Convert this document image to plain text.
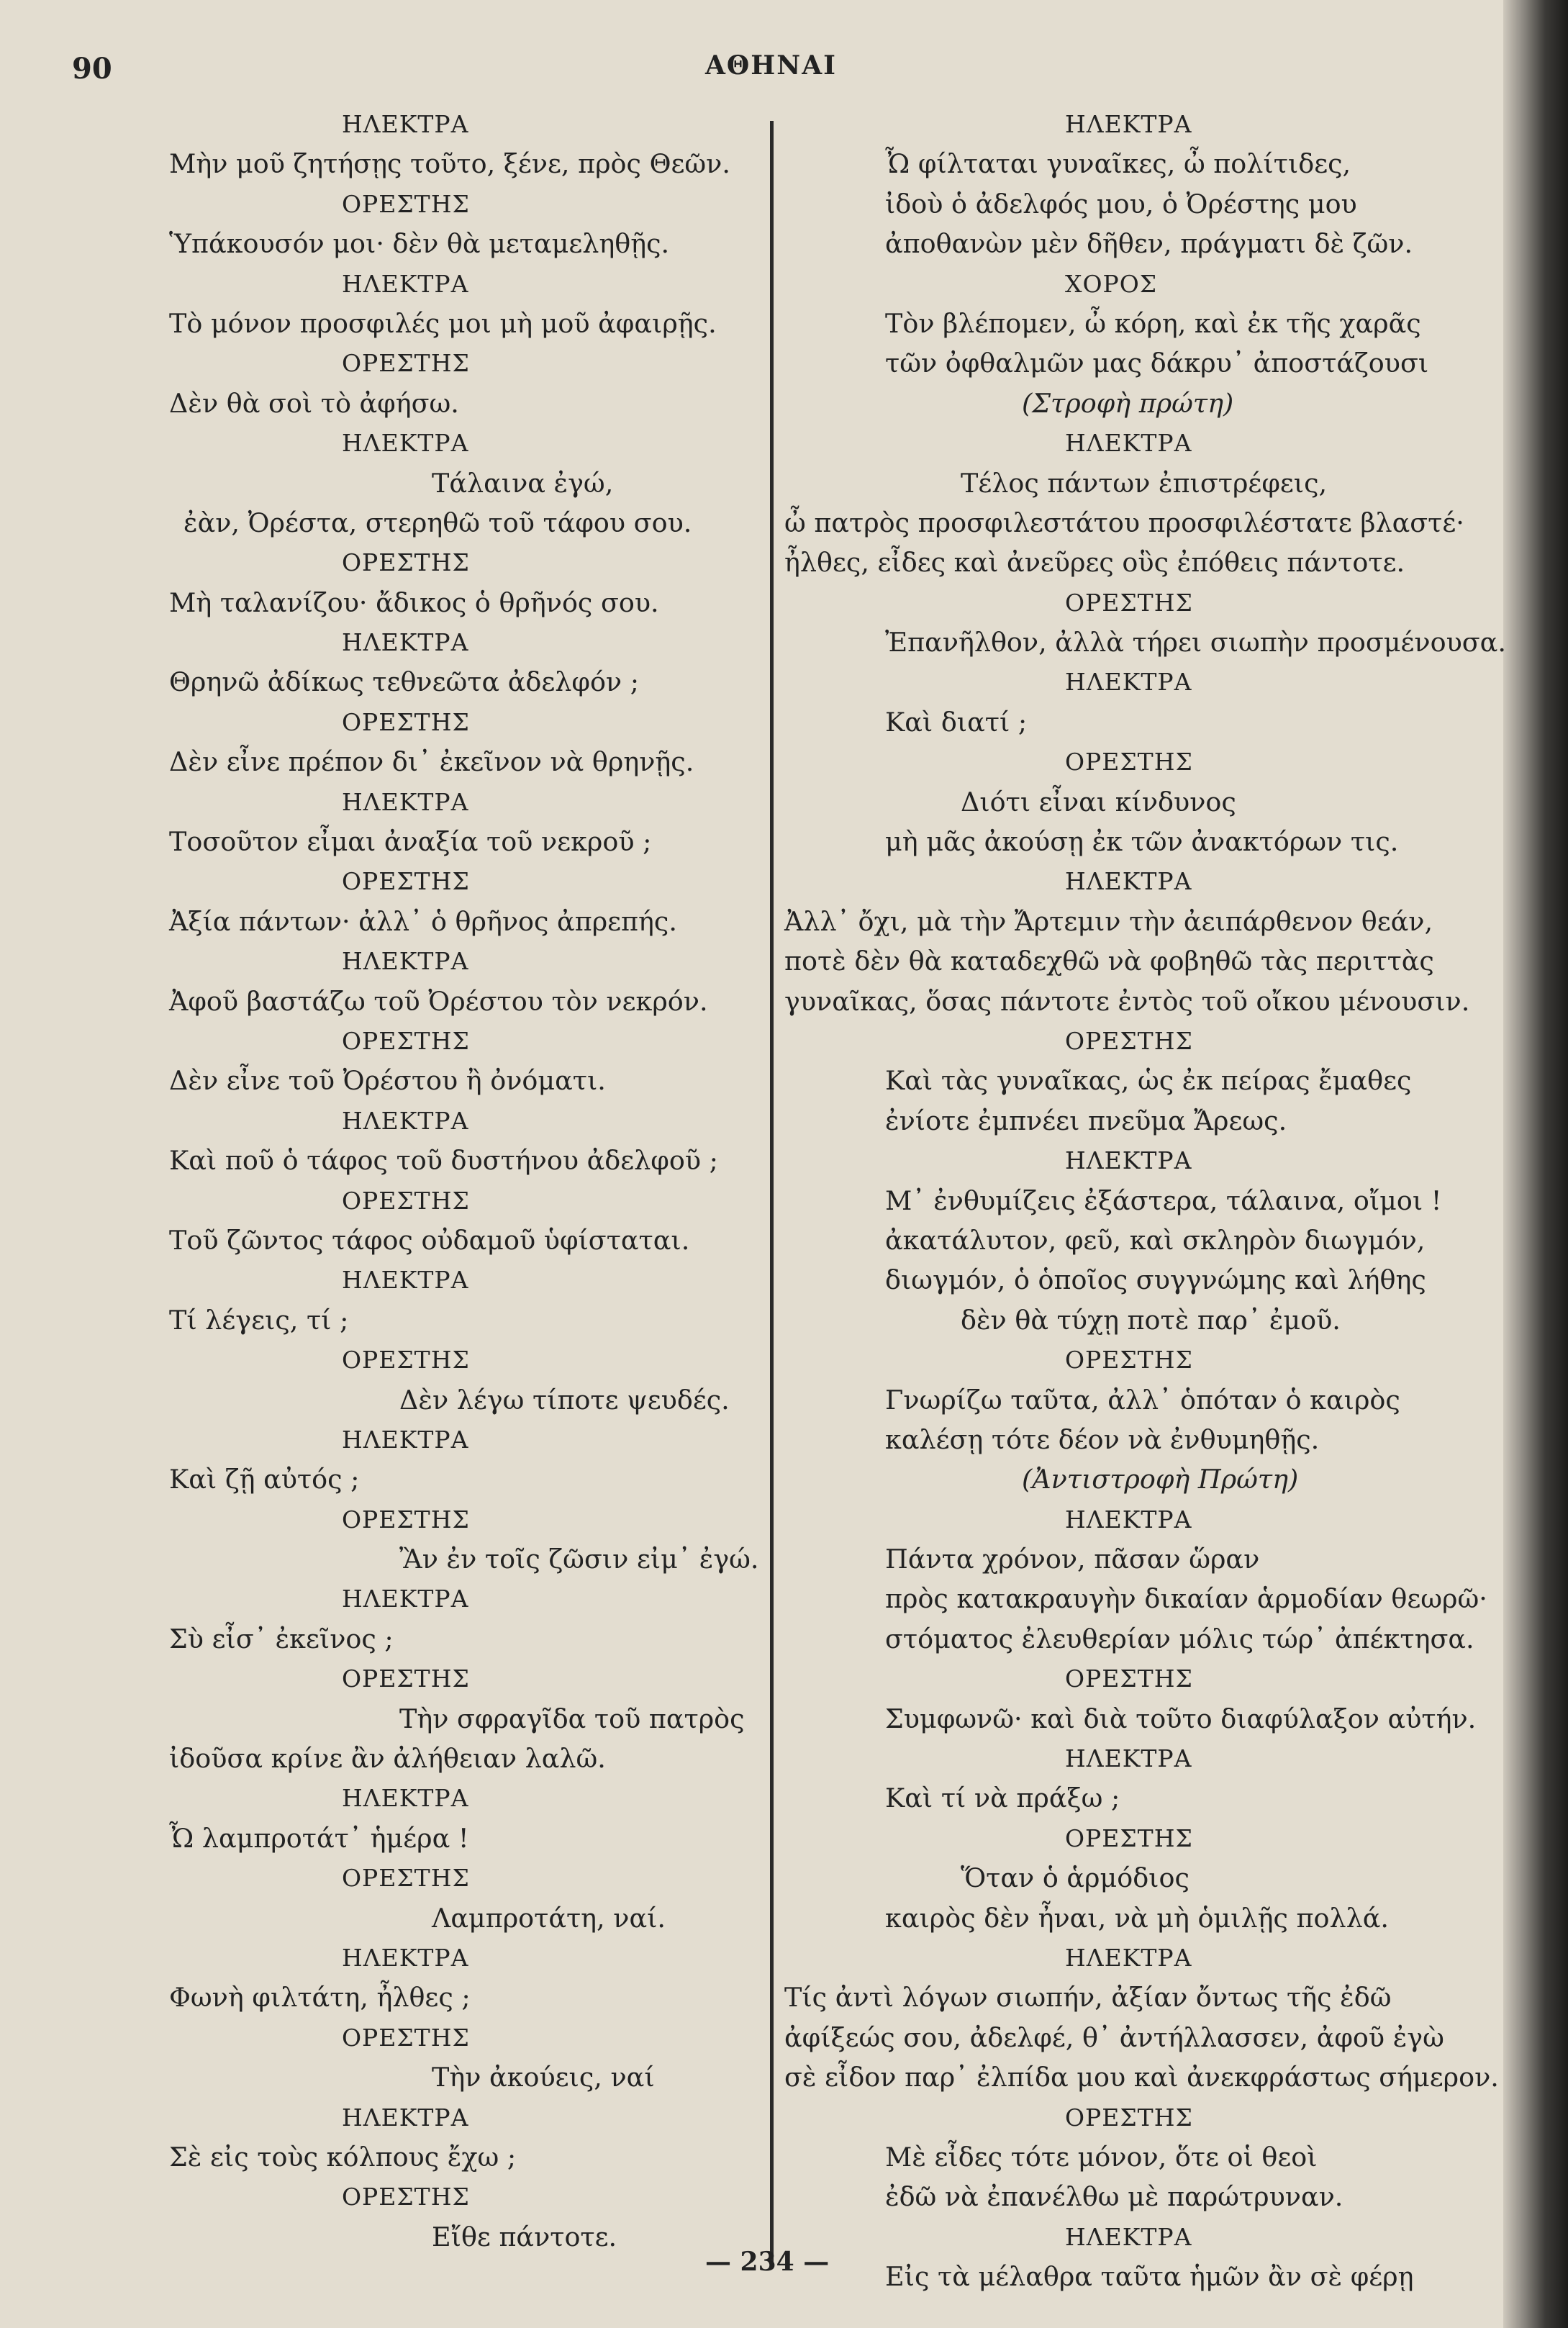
90	ΑΘΗΝΑΙ
ΗΛΕΚΤΡΑ
Μὴν μοῦ ζητήσῃς τοῦτο, ξένε, πρὸς Θεῶν.
ΟΡΕΣΤΗΣ
Ὑπάκουσόν μοι· δὲν θὰ μεταμεληθῇς.
ΗΛΕΚΤΡΑ
Τὸ μόνον προσφιλές μοι μὴ μοῦ ἀφαιρῇς.
ΟΡΕΣΤΗΣ
Δὲν θὰ σοὶ τὸ ἀφήσω.
ΗΛΕΚΤΡΑ
Τάλαινα ἐγώ,
ἐὰν, Ὀρέστα, στερηθῶ τοῦ τάφου σου.
ΟΡΕΣΤΗΣ
Μὴ ταλανίζου· ἄδικος ὁ θρῆνός σου.
ΗΛΕΚΤΡΑ
Θρηνῶ ἀδίκως τεθνεῶτα ἀδελφόν ;
ΟΡΕΣΤΗΣ
Δὲν εἶνε πρέπον δι᾽ ἐκεῖνον νὰ θρηνῇς.
ΗΛΕΚΤΡΑ
Τοσοῦτον εἶμαι ἀναξία τοῦ νεκροῦ ;
ΟΡΕΣΤΗΣ
Ἀξία πάντων· ἀλλ᾽ ὁ θρῆνος ἀπρεπής.
ΗΛΕΚΤΡΑ
Ἀφοῦ βαστάζω τοῦ Ὀρέστου τὸν νεκρόν.
ΟΡΕΣΤΗΣ
Δὲν εἶνε τοῦ Ὀρέστου ἢ ὀνόματι.
ΗΛΕΚΤΡΑ
Καὶ ποῦ ὁ τάφος τοῦ δυστήνου ἀδελφοῦ ;
ΟΡΕΣΤΗΣ
Τοῦ ζῶντος τάφος οὐδαμοῦ ὑφίσταται.
ΗΛΕΚΤΡΑ
Τί λέγεις, τί ;
ΟΡΕΣΤΗΣ
Δὲν λέγω τίποτε ψευδές.
ΗΛΕΚΤΡΑ
Καὶ ζῇ αὐτός ;
ΟΡΕΣΤΗΣ
Ἂν ἐν τοῖς ζῶσιν εἰμ᾽ ἐγώ.
ΗΛΕΚΤΡΑ
Σὺ εἶσ᾽ ἐκεῖνος ;
ΟΡΕΣΤΗΣ
Τὴν σφραγῖδα τοῦ πατρὸς
ἰδοῦσα κρίνε ἂν ἀλήθειαν λαλῶ.
ΗΛΕΚΤΡΑ
Ὦ λαμπροτάτ᾽ ἡμέρα !
ΟΡΕΣΤΗΣ
Λαμπροτάτη, ναί.
ΗΛΕΚΤΡΑ
Φωνὴ φιλτάτη, ἦλθες ;
ΟΡΕΣΤΗΣ
Τὴν ἀκούεις, ναί
ΗΛΕΚΤΡΑ
Σὲ εἰς τοὺς κόλπους ἔχω ;
ΟΡΕΣΤΗΣ
Εἴθε πάντοτε.
ΗΛΕΚΤΡΑ
Ὦ φίλταται γυναῖκες, ὦ πολίτιδες,
ἰδοὺ ὁ ἀδελφός μου, ὁ Ὀρέστης μου
ἀποθανὼν μὲν δῆθεν, πράγματι δὲ ζῶν.
ΧΟΡΟΣ
Τὸν βλέπομεν, ὦ κόρη, καὶ ἐκ τῆς χαρᾶς
τῶν ὀφθαλμῶν μας δάκρυ᾽ ἀποστάζουσι
(Στροφὴ πρώτη)
ΗΛΕΚΤΡΑ
Τέλος πάντων ἐπιστρέφεις,
ὦ πατρὸς προσφιλεστάτου προσφιλέστατε βλαστέ·
ἦλθες, εἶδες καὶ ἀνεῦρες οὓς ἐπόθεις πάντοτε.
ΟΡΕΣΤΗΣ
Ἐπανῆλθον, ἀλλὰ τήρει σιωπὴν προσμένουσα.
ΗΛΕΚΤΡΑ
Καὶ διατί ;
ΟΡΕΣΤΗΣ
Διότι εἶναι κίνδυνος
μὴ μᾶς ἀκούσῃ ἐκ τῶν ἀνακτόρων τις.
ΗΛΕΚΤΡΑ
Ἀλλ᾽ ὄχι, μὰ τὴν Ἄρτεμιν τὴν ἀειπάρθενον θεάν,
ποτὲ δὲν θὰ καταδεχθῶ νὰ φοβηθῶ τὰς περιττὰς
γυναῖκας, ὅσας πάντοτε ἐντὸς τοῦ οἴκου μένουσιν.
ΟΡΕΣΤΗΣ
Καὶ τὰς γυναῖκας, ὡς ἐκ πείρας ἔμαθες
ἐνίοτε ἐμπνέει πνεῦμα Ἄρεως.
ΗΛΕΚΤΡΑ
Μ᾽ ἐνθυμίζεις ἐξάστερα, τάλαινα, οἴμοι !
ἀκατάλυτον, φεῦ, καὶ σκληρὸν διωγμόν,
διωγμόν, ὁ ὁποῖος συγγνώμης καὶ λήθης
δὲν θὰ τύχῃ ποτὲ παρ᾽ ἐμοῦ.
ΟΡΕΣΤΗΣ
Γνωρίζω ταῦτα, ἀλλ᾽ ὁπόταν ὁ καιρὸς
καλέσῃ τότε δέον νὰ ἐνθυμηθῇς.
(Ἀντιστροφὴ Πρώτη)
ΗΛΕΚΤΡΑ
Πάντα χρόνον, πᾶσαν ὥραν
πρὸς κατακραυγὴν δικαίαν ἁρμοδίαν θεωρῶ·
στόματος ἐλευθερίαν μόλις τώρ᾽ ἀπέκτησα.
ΟΡΕΣΤΗΣ
Συμφωνῶ· καὶ διὰ τοῦτο διαφύλαξον αὐτήν.
ΗΛΕΚΤΡΑ
Καὶ τί νὰ πράξω ;
ΟΡΕΣΤΗΣ
Ὅταν ὁ ἁρμόδιος
καιρὸς δὲν ἦναι, νὰ μὴ ὁμιλῇς πολλά.
ΗΛΕΚΤΡΑ
Τίς ἀντὶ λόγων σιωπήν, ἀξίαν ὄντως τῆς ἐδῶ
ἀφίξεώς σου, ἀδελφέ, θ᾽ ἀντήλλασσεν, ἀφοῦ ἐγὼ
σὲ εἶδον παρ᾽ ἐλπίδα μου καὶ ἀνεκφράστως σήμερον.
ΟΡΕΣΤΗΣ
Μὲ εἶδες τότε μόνον, ὅτε οἱ θεοὶ
ἐδῶ νὰ ἐπανέλθω μὲ παρώτρυναν.
ΗΛΕΚΤΡΑ
Εἰς τὰ μέλαθρα ταῦτα ἡμῶν ἂν σὲ φέρῃ
— 234 —
